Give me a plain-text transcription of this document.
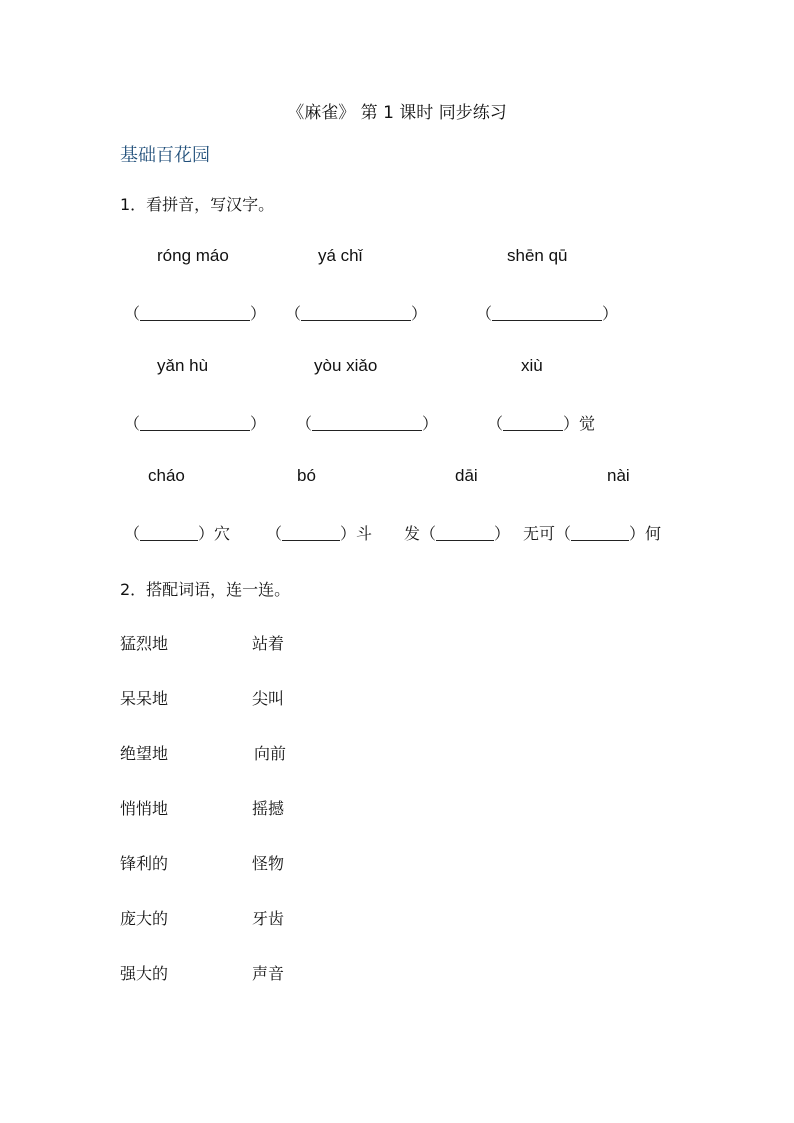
《麻雀》 第 1 课时 同步练习
基础百花园
1．看拼音，写汉字。
róng máo	yá chǐ	shēn qū
（	） （	）	（	）
yǎn hù	yòu xiǎo	xiù
（	） （	）	（	）觉
cháo	bó	dāi	nài
（	）穴 （	）斗 发（	） 无可（	）何
2．搭配词语，连一连。
猛烈地	站着
呆呆地	尖叫
绝望地	向前
悄悄地	摇撼
锋利的	怪物
庞大的	牙齿
强大的	声音
